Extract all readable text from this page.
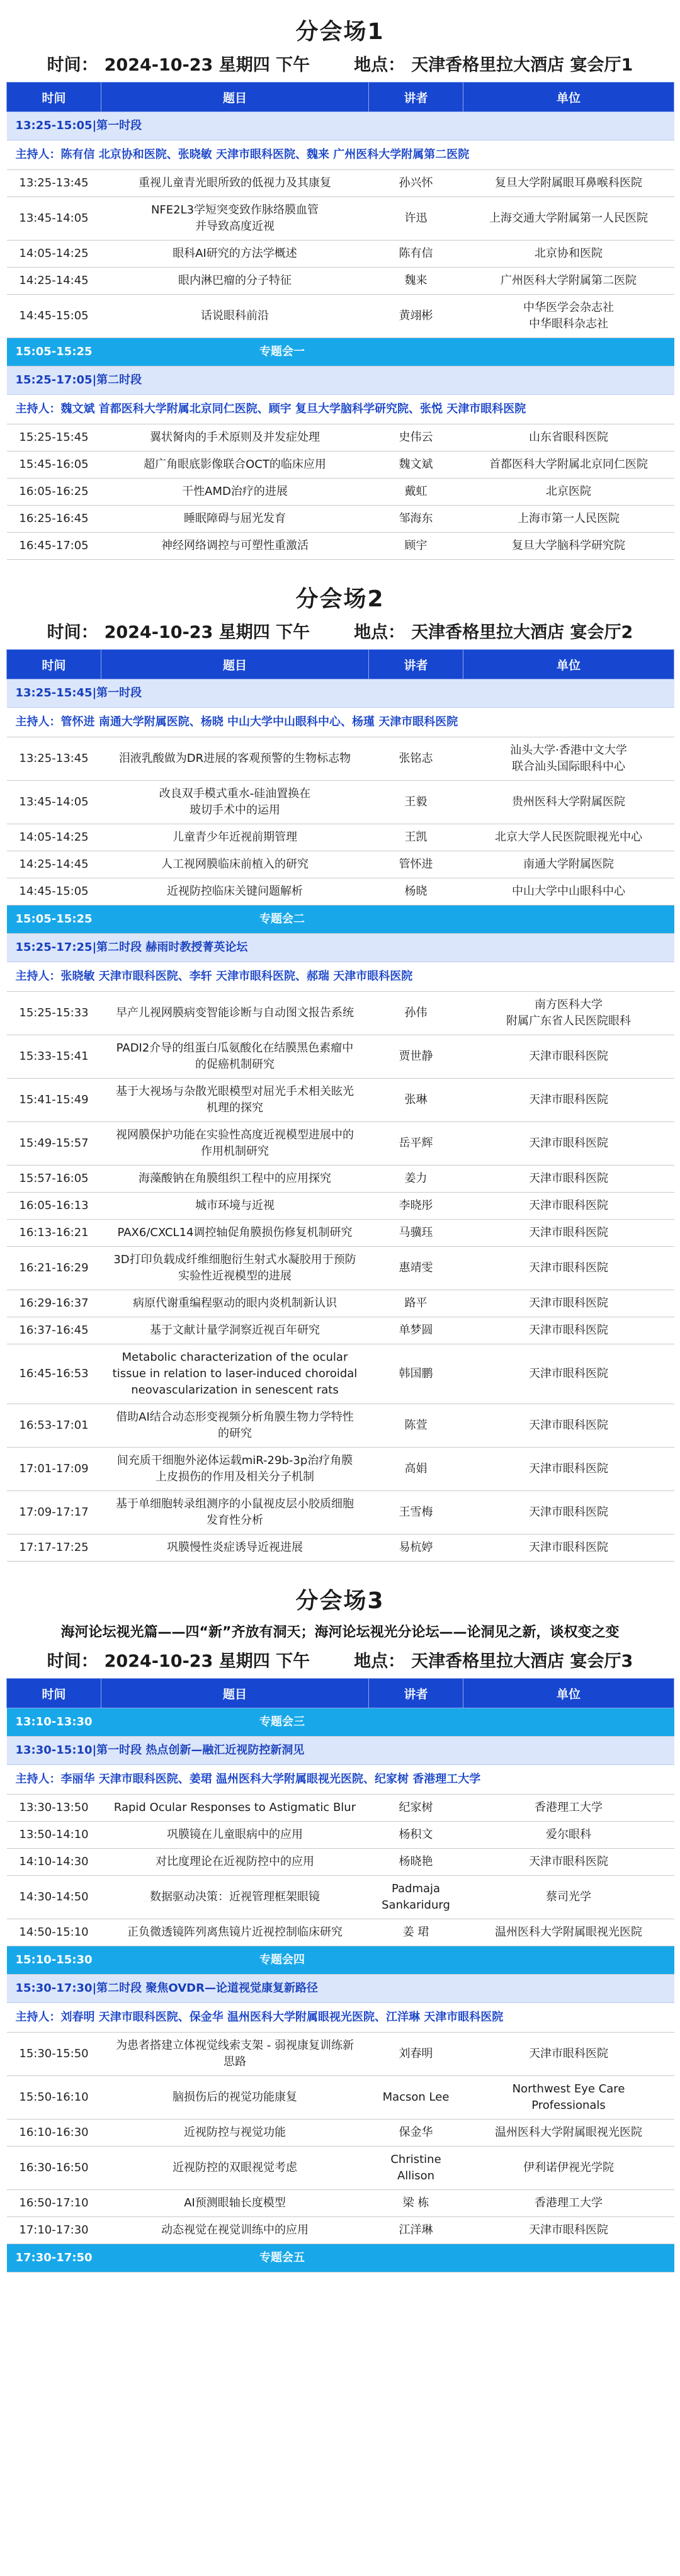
分会场1
时间： 2024-10-23 星期四 下午	地点： 天津香格里拉大酒店 宴会厅1
时间	题目	讲者	单位
13:25-15:05|第一时段			
主持人：陈有信 北京协和医院、张晓敏 天津市眼科医院、魏来 广州医科大学附属第二医院			
13:25-13:45	重视儿童青光眼所致的低视力及其康复	孙兴怀	复旦大学附属眼耳鼻喉科医院
13:45-14:05	NFE2L3学短突变致作脉络膜血管
并导致高度近视	许迅	上海交通大学附属第一人民医院
14:05-14:25	眼科AI研究的方法学概述	陈有信	北京协和医院
14:25-14:45	眼内淋巴瘤的分子特征	魏来	广州医科大学附属第二医院
14:45-15:05	话说眼科前沿	黄翊彬	中华医学会杂志社
中华眼科杂志社
15:05-15:25	专题会一		
15:25-17:05|第二时段			
主持人：魏文斌 首都医科大学附属北京同仁医院、顾宇 复旦大学脑科学研究院、张悦 天津市眼科医院			
15:25-15:45	翼状胬肉的手术原则及并发症处理	史伟云	山东省眼科医院
15:45-16:05	超广角眼底影像联合OCT的临床应用	魏文斌	首都医科大学附属北京同仁医院
16:05-16:25	干性AMD治疗的进展	戴虹	北京医院
16:25-16:45	睡眠障碍与屈光发育	邹海东	上海市第一人民医院
16:45-17:05	神经网络调控与可塑性重激活	顾宇	复旦大学脑科学研究院
分会场2
时间： 2024-10-23 星期四 下午	地点： 天津香格里拉大酒店 宴会厅2
时间	题目	讲者	单位
13:25-15:45|第一时段			
主持人：管怀进 南通大学附属医院、杨晓 中山大学中山眼科中心、杨瑾 天津市眼科医院			
13:25-13:45	泪液乳酸做为DR进展的客观预警的生物标志物	张铭志	汕头大学·香港中文大学
联合汕头国际眼科中心
13:45-14:05	改良双手模式重水-硅油置换在
玻切手术中的运用	王毅	贵州医科大学附属医院
14:05-14:25	儿童青少年近视前期管理	王凯	北京大学人民医院眼视光中心
14:25-14:45	人工视网膜临床前植入的研究	管怀进	南通大学附属医院
14:45-15:05	近视防控临床关键问题解析	杨晓	中山大学中山眼科中心
15:05-15:25	专题会二		
15:25-17:25|第二时段 赫雨时教授菁英论坛			
主持人：张晓敏 天津市眼科医院、李轩 天津市眼科医院、郝瑞 天津市眼科医院			
15:25-15:33	早产儿视网膜病变智能诊断与自动图文报告系统	孙伟	南方医科大学
附属广东省人民医院眼科
15:33-15:41	PADI2介导的组蛋白瓜氨酸化在结膜黑色素瘤中
的促癌机制研究	贾世静	天津市眼科医院
15:41-15:49	基于大视场与杂散光眼模型对屈光手术相关眩光
机理的探究	张琳	天津市眼科医院
15:49-15:57	视网膜保护功能在实验性高度近视模型进展中的
作用机制研究	岳平辉	天津市眼科医院
15:57-16:05	海藻酸钠在角膜组织工程中的应用探究	姜力	天津市眼科医院
16:05-16:13	城市环境与近视	李晓彤	天津市眼科医院
16:13-16:21	PAX6/CXCL14调控轴促角膜损伤修复机制研究	马骥珏	天津市眼科医院
16:21-16:29	3D打印负载成纤维细胞衍生射式水凝胶用于预防
实验性近视模型的进展	惠靖雯	天津市眼科医院
16:29-16:37	病原代谢重编程驱动的眼内炎机制新认识	路平	天津市眼科医院
16:37-16:45	基于文献计量学洞察近视百年研究	单梦圆	天津市眼科医院
16:45-16:53	Metabolic characterization of the ocular
tissue in relation to laser-induced choroidal
neovascularization in senescent rats	韩国鹏	天津市眼科医院
16:53-17:01	借助AI结合动态形变视频分析角膜生物力学特性
的研究	陈萱	天津市眼科医院
17:01-17:09	间充质干细胞外泌体运载miR-29b-3p治疗角膜
上皮损伤的作用及相关分子机制	高娟	天津市眼科医院
17:09-17:17	基于单细胞转录组测序的小鼠视皮层小胶质细胞
发育性分析	王雪梅	天津市眼科医院
17:17-17:25	巩膜慢性炎症诱导近视进展	易杭婷	天津市眼科医院
分会场3
海河论坛视光篇——四“新”齐放有洞天；海河论坛视光分论坛——论洞见之新，谈权变之变
时间： 2024-10-23 星期四 下午	地点： 天津香格里拉大酒店 宴会厅3
时间	题目	讲者	单位
13:10-13:30	专题会三		
13:30-15:10|第一时段 热点创新—融汇近视防控新洞见			
主持人：李丽华 天津市眼科医院、姜珺 温州医科大学附属眼视光医院、纪家树 香港理工大学			
13:30-13:50	Rapid Ocular Responses to Astigmatic Blur	纪家树	香港理工大学
13:50-14:10	巩膜镜在儿童眼病中的应用	杨积文	爱尔眼科
14:10-14:30	对比度理论在近视防控中的应用	杨晓艳	天津市眼科医院
14:30-14:50	数据驱动决策：近视管理框架眼镜	Padmaja
Sankaridurg	蔡司光学
14:50-15:10	正负微透镜阵列离焦镜片近视控制临床研究	姜 珺	温州医科大学附属眼视光医院
15:10-15:30	专题会四		
15:30-17:30|第二时段 聚焦OVDR—论道视觉康复新路径			
主持人：刘春明 天津市眼科医院、保金华 温州医科大学附属眼视光医院、江洋琳 天津市眼科医院			
15:30-15:50	为患者搭建立体视觉线索支架 - 弱视康复训练新
思路	刘春明	天津市眼科医院
15:50-16:10	脑损伤后的视觉功能康复	Macson Lee	Northwest Eye Care
Professionals
16:10-16:30	近视防控与视觉功能	保金华	温州医科大学附属眼视光医院
16:30-16:50	近视防控的双眼视觉考虑	Christine
Allison	伊利诺伊视光学院
16:50-17:10	AI预测眼轴长度模型	梁 栋	香港理工大学
17:10-17:30	动态视觉在视觉训练中的应用	江洋琳	天津市眼科医院
17:30-17:50	专题会五		
